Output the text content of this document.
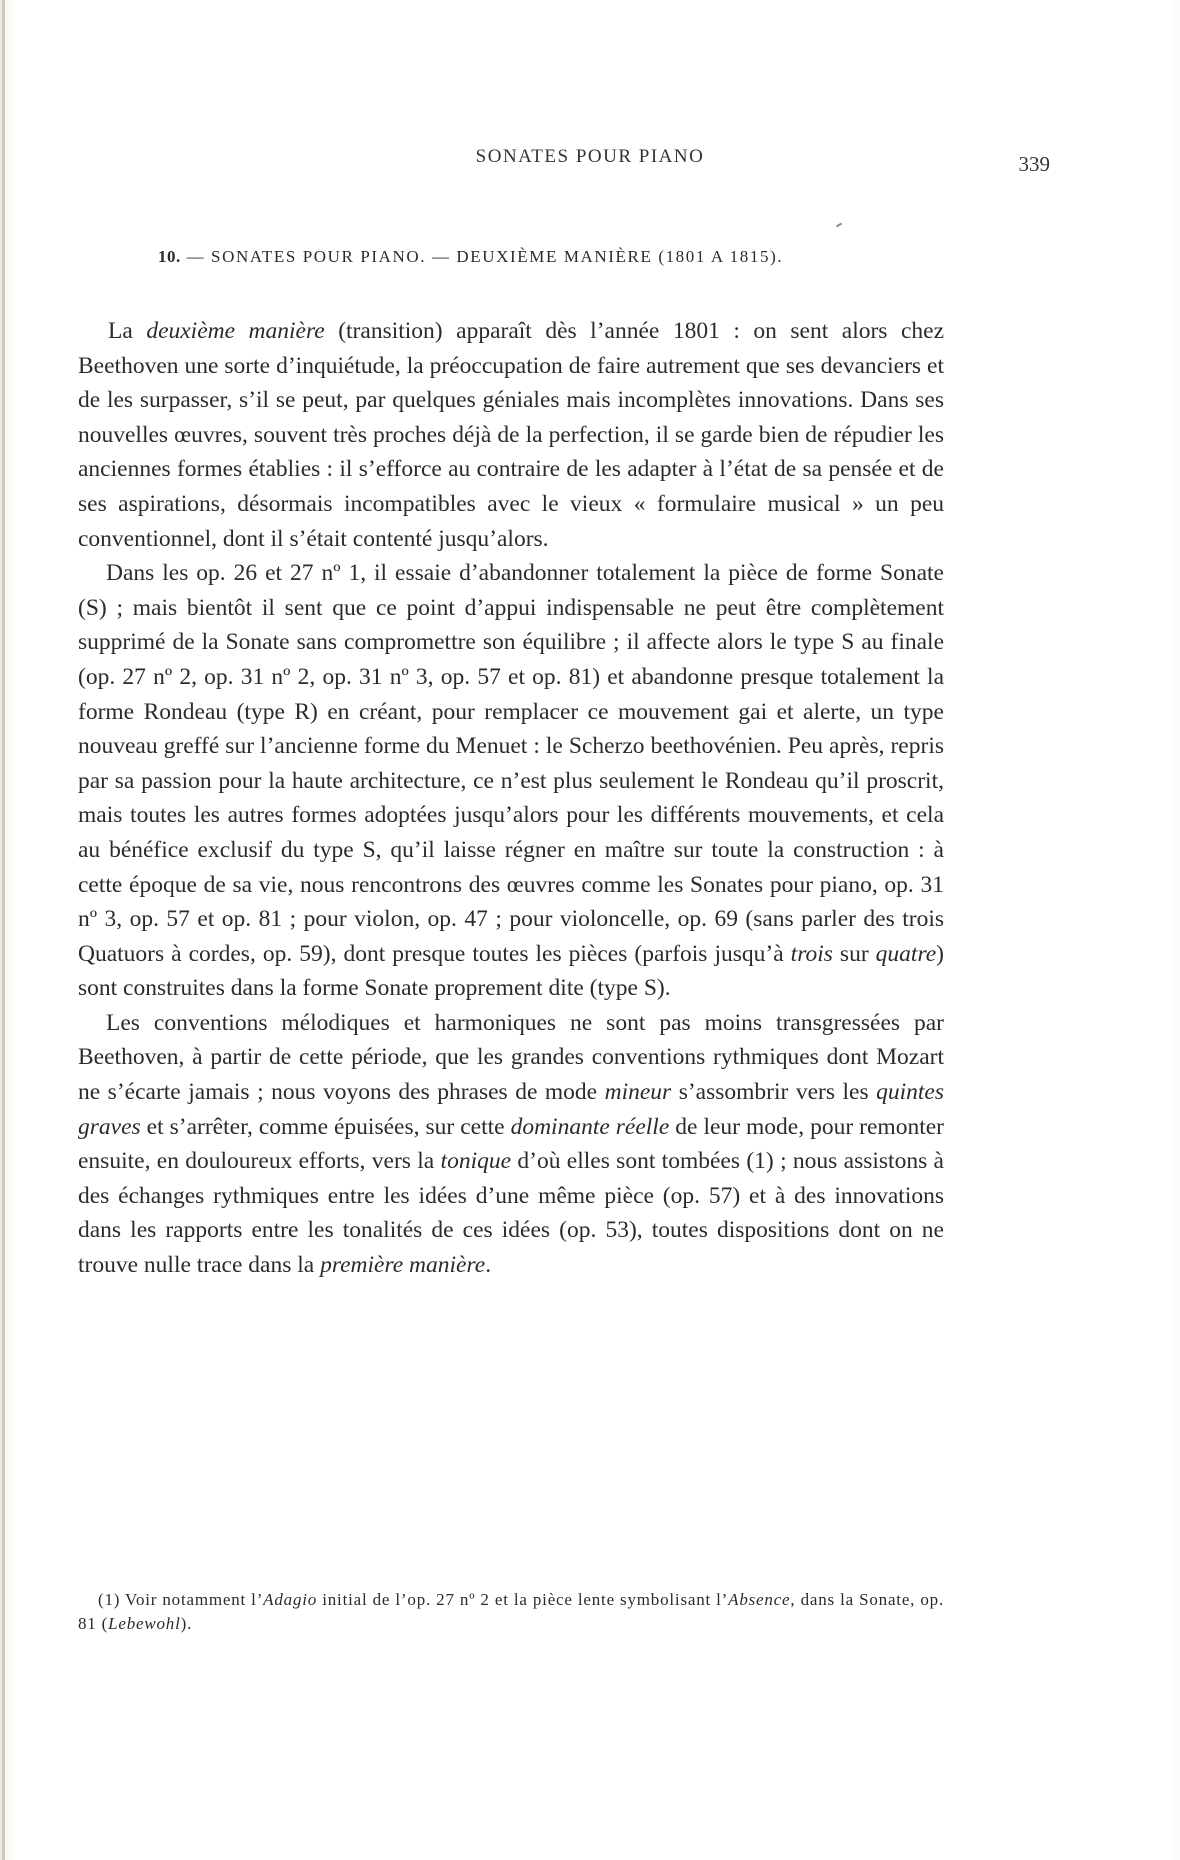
SONATES POUR PIANO	339
10. — SONATES POUR PIANO. — DEUXIÈME MANIÈRE (1801 A 1815).

La deuxième manière (transition) apparaît dès l’année 1801 : on sent alors chez Beethoven une sorte d’inquiétude, la préoccupation de faire autrement que ses devanciers et de les surpasser, s’il se peut, par quelques géniales mais incomplètes innovations. Dans ses nouvelles œuvres, souvent très proches déjà de la perfection, il se garde bien de répudier les anciennes formes établies : il s’efforce au contraire de les adapter à l’état de sa pensée et de ses aspirations, désormais incompatibles avec le vieux « formulaire musical » un peu conventionnel, dont il s’était contenté jusqu’alors.

Dans les op. 26 et 27 nº 1, il essaie d’abandonner totalement la pièce de forme Sonate (S) ; mais bientôt il sent que ce point d’appui indispensable ne peut être complètement supprimé de la Sonate sans compromettre son équilibre ; il affecte alors le type S au finale (op. 27 nº 2, op. 31 nº 2, op. 31 nº 3, op. 57 et op. 81) et abandonne presque totalement la forme Rondeau (type R) en créant, pour remplacer ce mouvement gai et alerte, un type nouveau greffé sur l’ancienne forme du Menuet : le Scherzo beethovénien. Peu après, repris par sa passion pour la haute architecture, ce n’est plus seulement le Rondeau qu’il proscrit, mais toutes les autres formes adoptées jusqu’alors pour les différents mouvements, et cela au bénéfice exclusif du type S, qu’il laisse régner en maître sur toute la construction : à cette époque de sa vie, nous rencontrons des œuvres comme les Sonates pour piano, op. 31 nº 3, op. 57 et op. 81 ; pour violon, op. 47 ; pour violoncelle, op. 69 (sans parler des trois Quatuors à cordes, op. 59), dont presque toutes les pièces (parfois jusqu’à trois sur quatre) sont construites dans la forme Sonate proprement dite (type S).

Les conventions mélodiques et harmoniques ne sont pas moins transgressées par Beethoven, à partir de cette période, que les grandes conventions rythmiques dont Mozart ne s’écarte jamais ; nous voyons des phrases de mode mineur s’assombrir vers les quintes graves et s’arrêter, comme épuisées, sur cette dominante réelle de leur mode, pour remonter ensuite, en douloureux efforts, vers la tonique d’où elles sont tombées (1) ; nous assistons à des échanges rythmiques entre les idées d’une même pièce (op. 57) et à des innovations dans les rapports entre les tonalités de ces idées (op. 53), toutes dispositions dont on ne trouve nulle trace dans la première manière.

(1) Voir notamment l’Adagio initial de l’op. 27 nº 2 et la pièce lente symbolisant l’Absence, dans la Sonate, op. 81 (Lebewohl).
